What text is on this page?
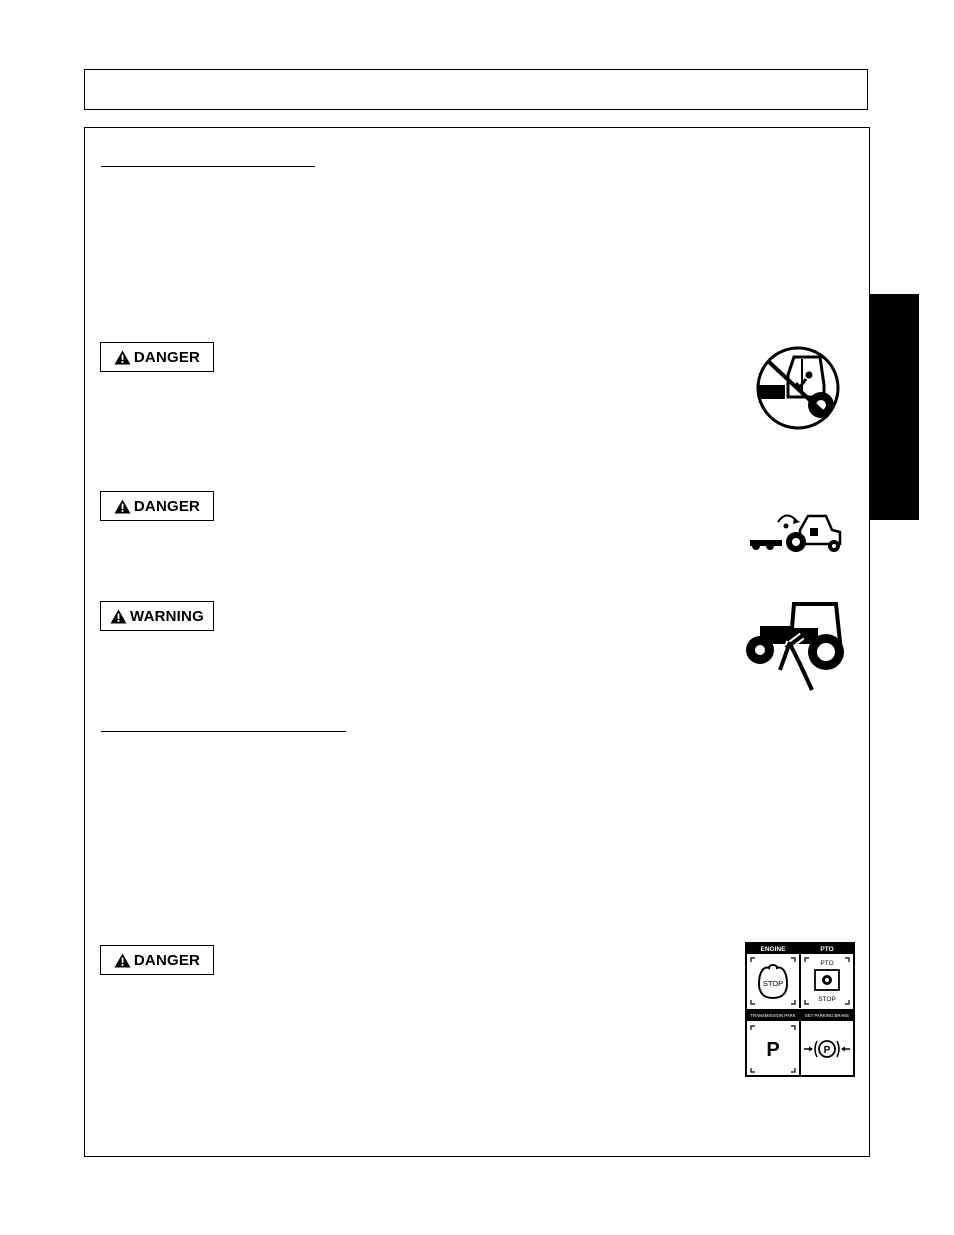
DANGER
DANGER
WARNING
DANGER
ENGINE	PTO
STOP
PTO
STOP
TRANSMISSION PARK SET PARKING BRAKE
P	P
